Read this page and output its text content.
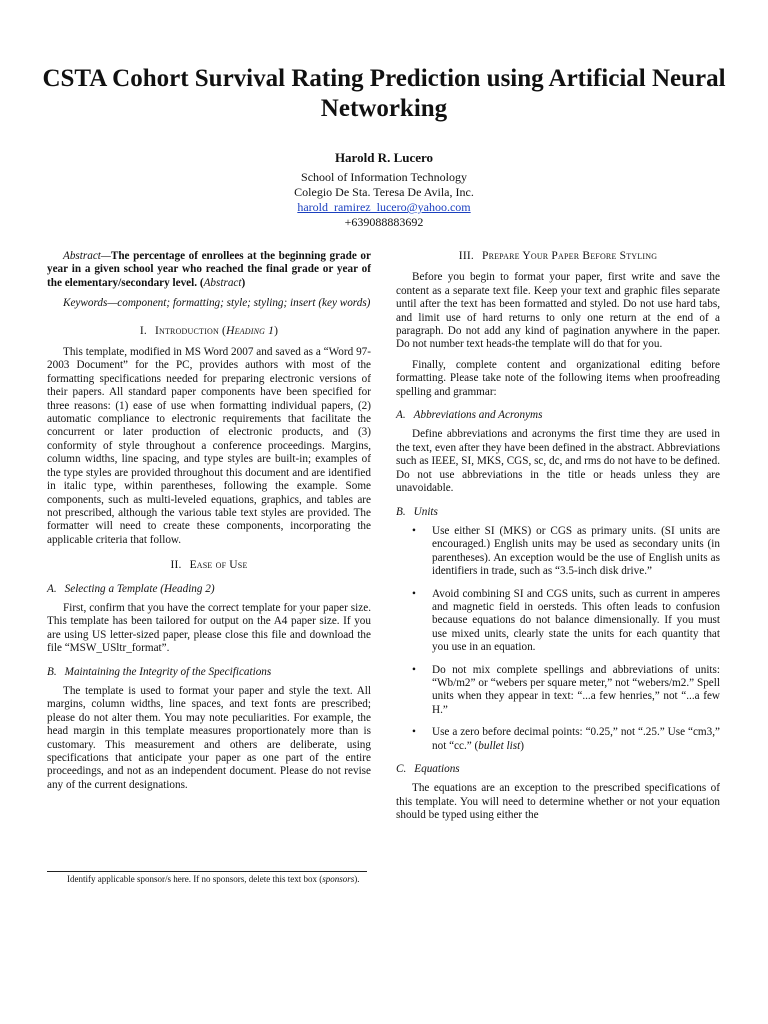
CSTA Cohort Survival Rating Prediction using Artificial Neural Networking
Harold R. Lucero
School of Information Technology
Colegio De Sta. Teresa De Avila, Inc.
harold_ramirez_lucero@yahoo.com
+639088883692

Abstract—The percentage of enrollees at the beginning grade or year in a given school year who reached the final grade or year of the elementary/secondary level. (Abstract)

Keywords—component; formatting; style; styling; insert (key words)

I. Introduction (Heading 1)

This template, modified in MS Word 2007 and saved as a “Word 97-2003 Document” for the PC, provides authors with most of the formatting specifications needed for preparing electronic versions of their papers. All standard paper components have been specified for three reasons: (1) ease of use when formatting individual papers, (2) automatic compliance to electronic requirements that facilitate the concurrent or later production of electronic products, and (3) conformity of style throughout a conference proceedings. Margins, column widths, line spacing, and type styles are built-in; examples of the type styles are provided throughout this document and are identified in italic type, within parentheses, following the example. Some components, such as multi-leveled equations, graphics, and tables are not prescribed, although the various table text styles are provided. The formatter will need to create these components, incorporating the applicable criteria that follow.

II. Ease of Use
A. Selecting a Template (Heading 2)

First, confirm that you have the correct template for your paper size. This template has been tailored for output on the A4 paper size. If you are using US letter-sized paper, please close this file and download the file “MSW_USltr_format”.

B. Maintaining the Integrity of the Specifications

The template is used to format your paper and style the text. All margins, column widths, line spaces, and text fonts are prescribed; please do not alter them. You may note peculiarities. For example, the head margin in this template measures proportionately more than is customary. This measurement and others are deliberate, using specifications that anticipate your paper as one part of the entire proceedings, and not as an independent document. Please do not revise any of the current designations.

III. Prepare Your Paper Before Styling

Before you begin to format your paper, first write and save the content as a separate text file. Keep your text and graphic files separate until after the text has been formatted and styled. Do not use hard tabs, and limit use of hard returns to only one return at the end of a paragraph. Do not add any kind of pagination anywhere in the paper. Do not number text heads-the template will do that for you.

Finally, complete content and organizational editing before formatting. Please take note of the following items when proofreading spelling and grammar:

A. Abbreviations and Acronyms

Define abbreviations and acronyms the first time they are used in the text, even after they have been defined in the abstract. Abbreviations such as IEEE, SI, MKS, CGS, sc, dc, and rms do not have to be defined. Do not use abbreviations in the title or heads unless they are unavoidable.

B. Units
• Use either SI (MKS) or CGS as primary units. (SI units are encouraged.) English units may be used as secondary units (in parentheses). An exception would be the use of English units as identifiers in trade, such as “3.5-inch disk drive.”
• Avoid combining SI and CGS units, such as current in amperes and magnetic field in oersteds. This often leads to confusion because equations do not balance dimensionally. If you must use mixed units, clearly state the units for each quantity that you use in an equation.
• Do not mix complete spellings and abbreviations of units: “Wb/m2” or “webers per square meter,” not “webers/m2.” Spell units when they appear in text: “...a few henries,” not “...a few H.”
• Use a zero before decimal points: “0.25,” not “.25.” Use “cm3,” not “cc.” (bullet list)
C. Equations

The equations are an exception to the prescribed specifications of this template. You will need to determine whether or not your equation should be typed using either the

Identify applicable sponsor/s here. If no sponsors, delete this text box (sponsors).
